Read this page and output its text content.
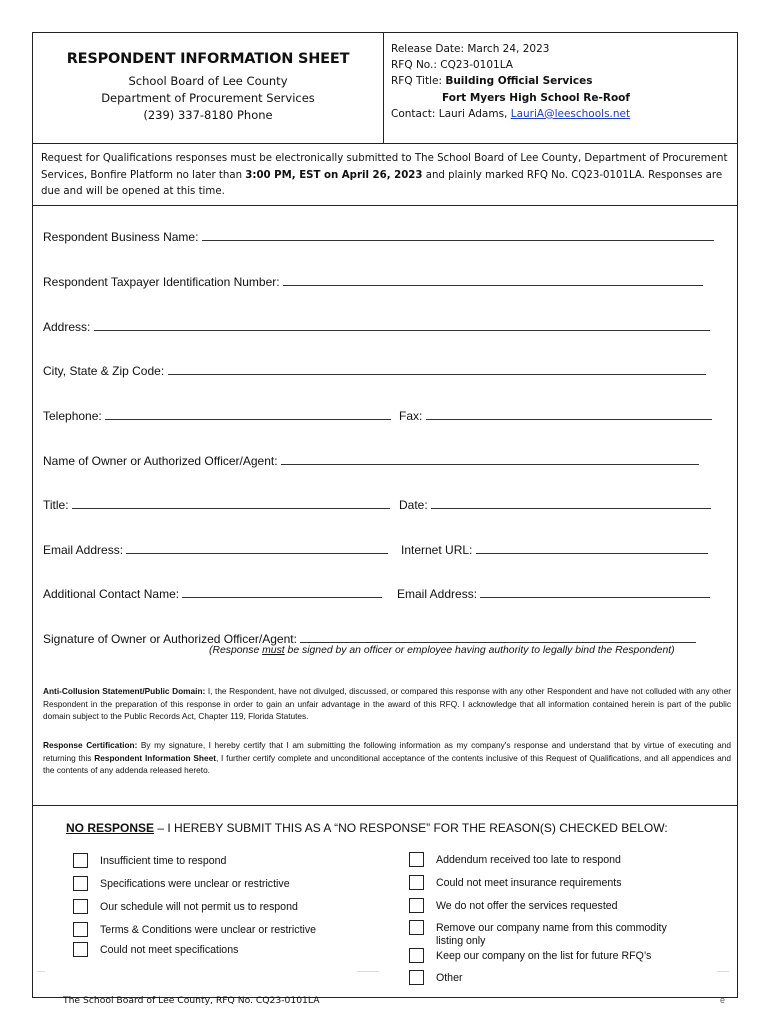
RESPONDENT INFORMATION SHEET
School Board of Lee County
Department of Procurement Services
(239) 337-8180 Phone
Release Date: March 24, 2023
RFQ No.: CQ23-0101LA
RFQ Title: Building Official Services
Fort Myers High School Re-Roof
Contact: Lauri Adams, LauriA@leeschools.net
Request for Qualifications responses must be electronically submitted to The School Board of Lee County, Department of Procurement Services, Bonfire Platform no later than 3:00 PM, EST on April 26, 2023 and plainly marked RFQ No. CQ23-0101LA. Responses are due and will be opened at this time.
Respondent Business Name:
Respondent Taxpayer Identification Number:
Address:
City, State & Zip Code:
Telephone:	Fax:
Name of Owner or Authorized Officer/Agent:
Title:	Date:
Email Address:	Internet URL:
Additional Contact Name:	Email Address:
Signature of Owner or Authorized Officer/Agent:
(Response must be signed by an officer or employee having authority to legally bind the Respondent)
Anti-Collusion Statement/Public Domain: I, the Respondent, have not divulged, discussed, or compared this response with any other Respondent and have not colluded with any other Respondent in the preparation of this response in order to gain an unfair advantage in the award of this RFQ. I acknowledge that all information contained herein is part of the public domain subject to the Public Records Act, Chapter 119, Florida Statutes.
Response Certification: By my signature, I hereby certify that I am submitting the following information as my company's response and understand that by virtue of executing and returning this Respondent Information Sheet, I further certify complete and unconditional acceptance of the contents inclusive of this Request of Qualifications, and all appendices and the contents of any addenda released hereto.
NO RESPONSE – I HEREBY SUBMIT THIS AS A “NO RESPONSE” FOR THE REASON(S) CHECKED BELOW:
Insufficient time to respond
Specifications were unclear or restrictive
Our schedule will not permit us to respond
Terms & Conditions were unclear or restrictive
Could not meet specifications
Addendum received too late to respond
Could not meet insurance requirements
We do not offer the services requested
Remove our company name from this commodity
listing only
Keep our company on the list for future RFQ’s
Other
The School Board of Lee County, RFQ No. CQ23-0101LA	e
